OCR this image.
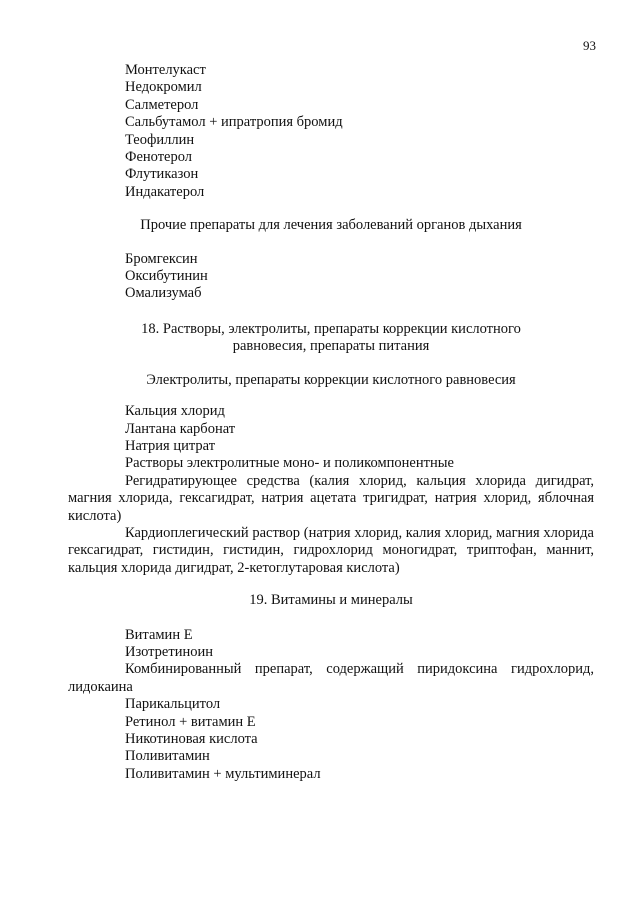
93
Монтелукаст
Недокромил
Салметерол
Сальбутамол + ипратропия бромид
Теофиллин
Фенотерол
Флутиказон
Индакатерол
Прочие препараты для лечения заболеваний органов дыхания
Бромгексин
Оксибутинин
Омализумаб
18. Растворы, электролиты, препараты коррекции кислотного
равновесия, препараты питания
Электролиты, препараты коррекции кислотного равновесия
Кальция хлорид
Лантана карбонат
Натрия цитрат
Растворы электролитные моно- и поликомпонентные
Регидратирующее средства (калия хлорид, кальция хлорида дигидрат, магния хлорида, гексагидрат, натрия ацетата тригидрат, натрия хлорид, яблочная кислота)
Кардиоплегический раствор (натрия хлорид, калия хлорид, магния хлорида гексагидрат, гистидин, гистидин, гидрохлорид моногидрат, триптофан, маннит, кальция хлорида дигидрат, 2-кетоглутаровая кислота)
19. Витамины и минералы
Витамин Е
Изотретиноин
Комбинированный препарат, содержащий пиридоксина гидрохлорид, лидокаина
Парикальцитол
Ретинол + витамин Е
Никотиновая кислота
Поливитамин
Поливитамин + мультиминерал
